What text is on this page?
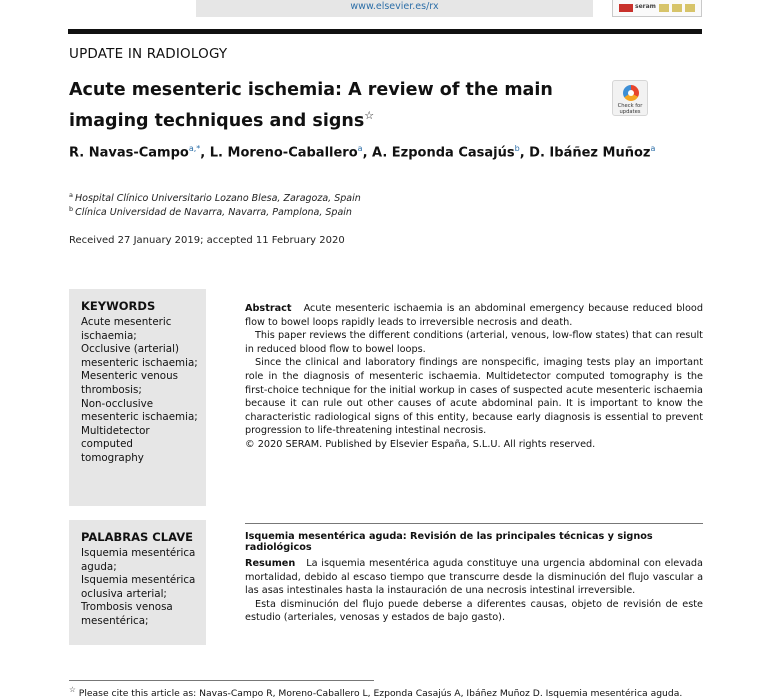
www.elsevier.es/rx	seram
UPDATE IN RADIOLOGY
Acute mesenteric ischemia: A review of the main
imaging techniques and signs☆
Check for
updates
R. Navas-Campo$^{a,*}$, L. Moreno-Caballero$^a$, A. Ezponda Casajús$^b$, D. Ibáñez Muñoz$^a$
$^a$ Hospital Clínico Universitario Lozano Blesa, Zaragoza, Spain
$^b$ Clínica Universidad de Navarra, Navarra, Pamplona, Spain
Received 27 January 2019; accepted 11 February 2020
KEYWORDS
Acute mesenteric ischaemia;
Occlusive (arterial) mesenteric ischaemia;
Mesenteric venous thrombosis;
Non-occlusive mesenteric ischaemia;
Multidetector computed tomography

Abstract Acute mesenteric ischaemia is an abdominal emergency because reduced blood flow to bowel loops rapidly leads to irreversible necrosis and death.

This paper reviews the different conditions (arterial, venous, low-flow states) that can result in reduced blood flow to bowel loops.

Since the clinical and laboratory findings are nonspecific, imaging tests play an important role in the diagnosis of mesenteric ischaemia. Multidetector computed tomography is the first-choice technique for the initial workup in cases of suspected acute mesenteric ischaemia because it can rule out other causes of acute abdominal pain. It is important to know the characteristic radiological signs of this entity, because early diagnosis is essential to prevent progression to life-threatening intestinal necrosis.

© 2020 SERAM. Published by Elsevier España, S.L.U. All rights reserved.

PALABRAS CLAVE
Isquemia mesentérica aguda;
Isquemia mesentérica oclusiva arterial;
Trombosis venosa mesentérica;
Isquemia mesentérica aguda: Revisión de las principales técnicas y signos radiológicos

Resumen La isquemia mesentérica aguda constituye una urgencia abdominal con elevada mortalidad, debido al escaso tiempo que transcurre desde la disminución del flujo vascular a las asas intestinales hasta la instauración de una necrosis intestinal irreversible.

Esta disminución del flujo puede deberse a diferentes causas, objeto de revisión de este estudio (arteriales, venosas y estados de bajo gasto).

☆ Please cite this article as: Navas-Campo R, Moreno-Caballero L, Ezponda Casajús A, Ibáñez Muñoz D. Isquemia mesentérica aguda.
